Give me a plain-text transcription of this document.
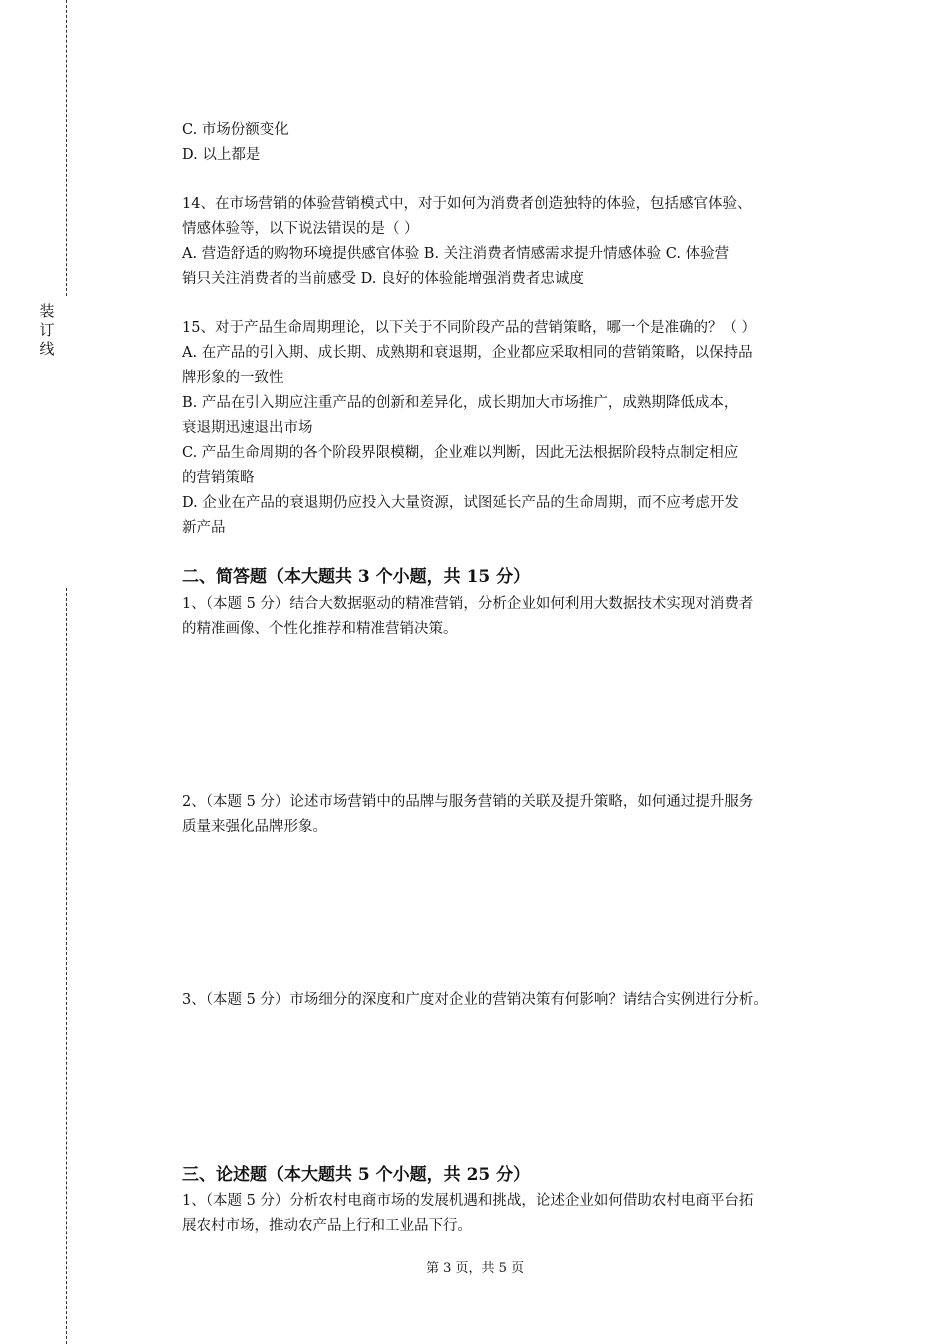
装
订
线
C. 市场份额变化
D. 以上都是
14、在市场营销的体验营销模式中，对于如何为消费者创造独特的体验，包括感官体验、
情感体验等，以下说法错误的是（ ）
A. 营造舒适的购物环境提供感官体验 B. 关注消费者情感需求提升情感体验 C. 体验营
销只关注消费者的当前感受 D. 良好的体验能增强消费者忠诚度
15、对于产品生命周期理论，以下关于不同阶段产品的营销策略，哪一个是准确的？（ ）
A. 在产品的引入期、成长期、成熟期和衰退期，企业都应采取相同的营销策略，以保持品
牌形象的一致性
B. 产品在引入期应注重产品的创新和差异化，成长期加大市场推广，成熟期降低成本，
衰退期迅速退出市场
C. 产品生命周期的各个阶段界限模糊，企业难以判断，因此无法根据阶段特点制定相应
的营销策略
D. 企业在产品的衰退期仍应投入大量资源，试图延长产品的生命周期，而不应考虑开发
新产品
二、简答题（本大题共 3 个小题，共 15 分）
1、（本题 5 分）结合大数据驱动的精准营销，分析企业如何利用大数据技术实现对消费者
的精准画像、个性化推荐和精准营销决策。
2、（本题 5 分）论述市场营销中的品牌与服务营销的关联及提升策略，如何通过提升服务
质量来强化品牌形象。
3、（本题 5 分）市场细分的深度和广度对企业的营销决策有何影响？请结合实例进行分析。
三、论述题（本大题共 5 个小题，共 25 分）
1、（本题 5 分）分析农村电商市场的发展机遇和挑战，论述企业如何借助农村电商平台拓
展农村市场，推动农产品上行和工业品下行。
第 3 页，共 5 页
